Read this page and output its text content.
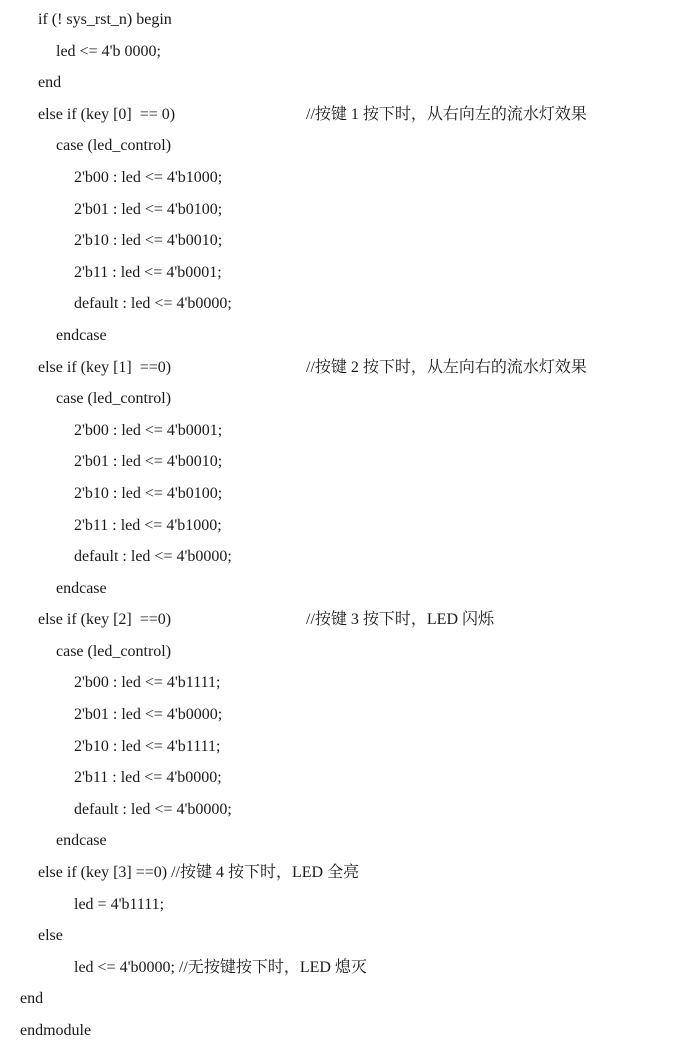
if (! sys_rst_n) begin
led <= 4'b 0000;
end
else if (key [0]  == 0)	//按键 1 按下时，从右向左的流水灯效果
case (led_control)
2'b00 : led <= 4'b1000;
2'b01 : led <= 4'b0100;
2'b10 : led <= 4'b0010;
2'b11 : led <= 4'b0001;
default : led <= 4'b0000;
endcase
else if (key [1]  ==0)	//按键 2 按下时，从左向右的流水灯效果
case (led_control)
2'b00 : led <= 4'b0001;
2'b01 : led <= 4'b0010;
2'b10 : led <= 4'b0100;
2'b11 : led <= 4'b1000;
default : led <= 4'b0000;
endcase
else if (key [2]  ==0)	//按键 3 按下时，LED 闪烁
case (led_control)
2'b00 : led <= 4'b1111;
2'b01 : led <= 4'b0000;
2'b10 : led <= 4'b1111;
2'b11 : led <= 4'b0000;
default : led <= 4'b0000;
endcase
else if (key [3] ==0) //按键 4 按下时，LED 全亮
led = 4'b1111;
else
led <= 4'b0000; //无按键按下时，LED 熄灭
end
endmodule
